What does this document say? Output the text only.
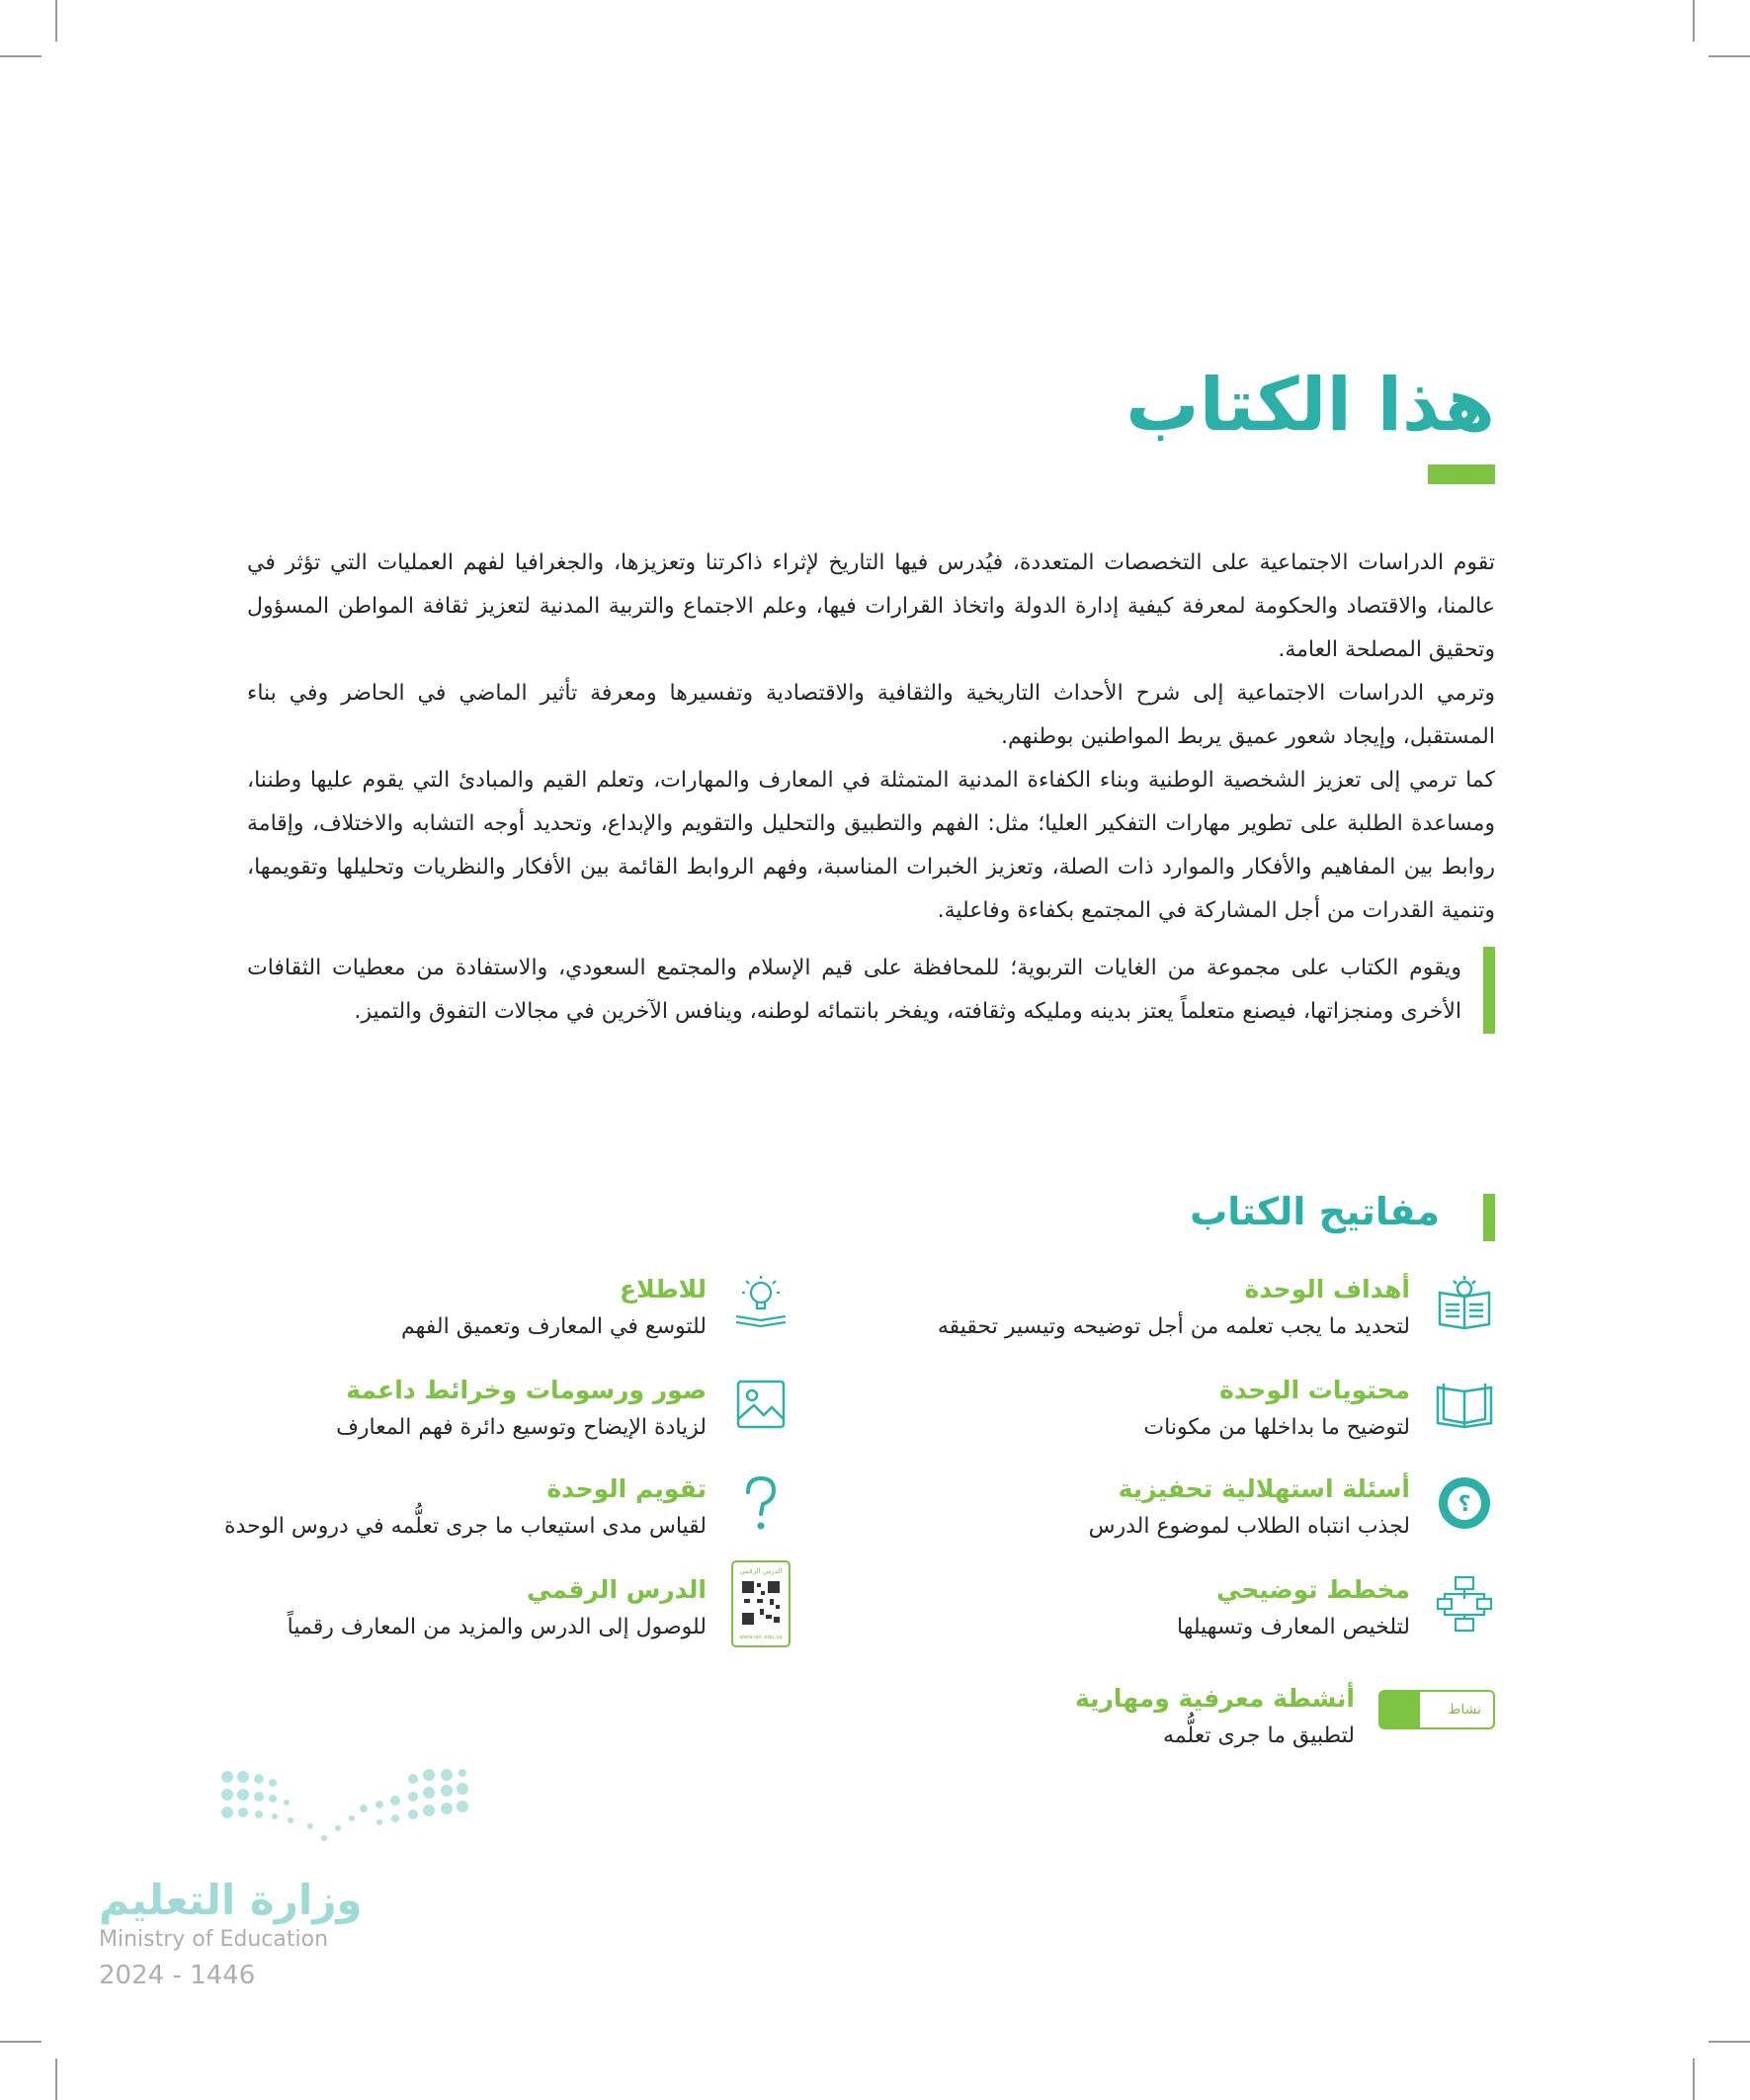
هذا الكتاب

تقوم الدراسات الاجتماعية على التخصصات المتعددة، فيُدرس فيها التاريخ لإثراء ذاكرتنا وتعزيزها، والجغرافيا لفهم العمليات التي تؤثر في عالمنا، والاقتصاد والحكومة لمعرفة كيفية إدارة الدولة واتخاذ القرارات فيها، وعلم الاجتماع والتربية المدنية لتعزيز ثقافة المواطن المسؤول وتحقيق المصلحة العامة.

وترمي الدراسات الاجتماعية إلى شرح الأحداث التاريخية والثقافية والاقتصادية وتفسيرها ومعرفة تأثير الماضي في الحاضر وفي بناء المستقبل، وإيجاد شعور عميق يربط المواطنين بوطنهم.

كما ترمي إلى تعزيز الشخصية الوطنية وبناء الكفاءة المدنية المتمثلة في المعارف والمهارات، وتعلم القيم والمبادئ التي يقوم عليها وطننا، ومساعدة الطلبة على تطوير مهارات التفكير العليا؛ مثل: الفهم والتطبيق والتحليل والتقويم والإبداع، وتحديد أوجه التشابه والاختلاف، وإقامة روابط بين المفاهيم والأفكار والموارد ذات الصلة، وتعزيز الخبرات المناسبة، وفهم الروابط القائمة بين الأفكار والنظريات وتحليلها وتقويمها، وتنمية القدرات من أجل المشاركة في المجتمع بكفاءة وفاعلية.

ويقوم الكتاب على مجموعة من الغايات التربوية؛ للمحافظة على قيم الإسلام والمجتمع السعودي، والاستفادة من معطيات الثقافات الأخرى ومنجزاتها، فيصنع متعلماً يعتز بدينه ومليكه وثقافته، ويفخر بانتمائه لوطنه، وينافس الآخرين في مجالات التفوق والتميز.
مفاتيح الكتاب
أهداف الوحدة
لتحديد ما يجب تعلمه من أجل توضيحه وتيسير تحقيقه
محتويات الوحدة
لتوضيح ما بداخلها من مكونات
؟
أسئلة استهلالية تحفيزية
لجذب انتباه الطلاب لموضوع الدرس
مخطط توضيحي
لتلخيص المعارف وتسهيلها
نشاط
أنشطة معرفية ومهارية
لتطبيق ما جرى تعلُّمه
للاطلاع
للتوسع في المعارف وتعميق الفهم
صور ورسومات وخرائط داعمة
لزيادة الإيضاح وتوسيع دائرة فهم المعارف
تقويم الوحدة
لقياس مدى استيعاب ما جرى تعلُّمه في دروس الوحدة
الدرس الرقمي
www.ien.edu.sa
الدرس الرقمي
للوصول إلى الدرس والمزيد من المعارف رقمياً
وزارة التعليم
Ministry of Education
2024 - 1446
